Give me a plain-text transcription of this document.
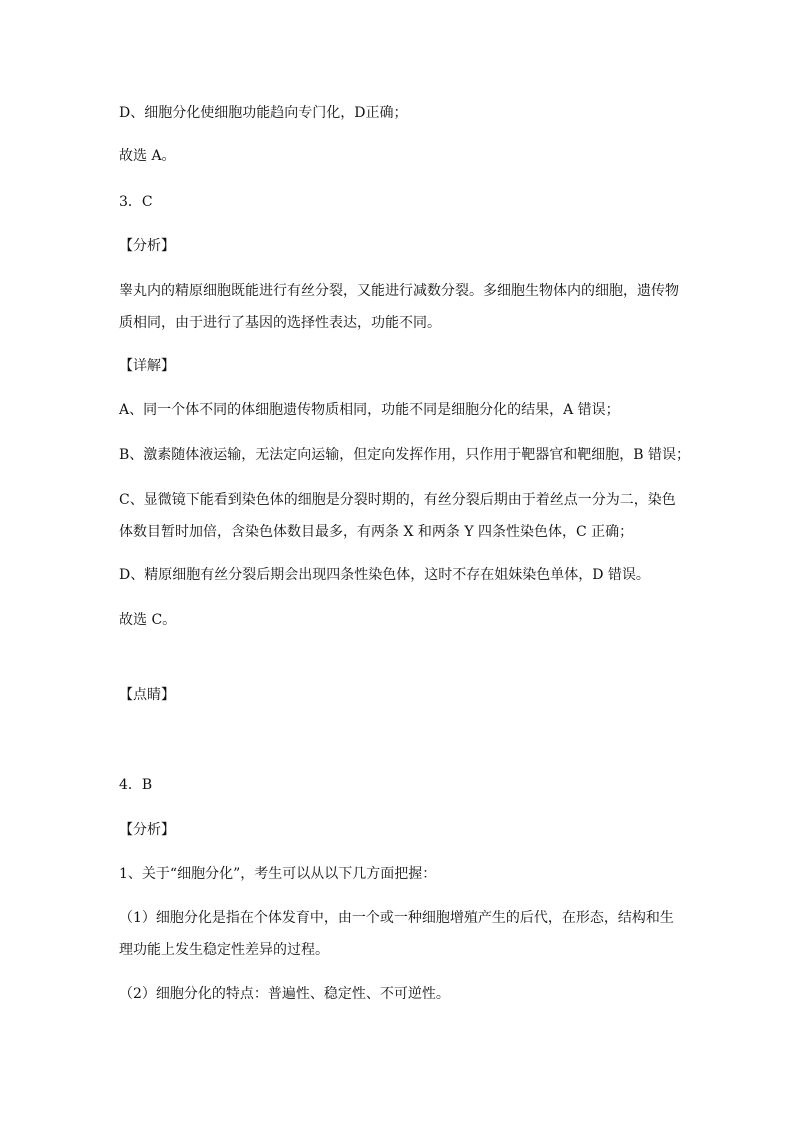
D、细胞分化使细胞功能趋向专门化，D正确；
故选 A。
3．C
【分析】
睾丸内的精原细胞既能进行有丝分裂，又能进行减数分裂。多细胞生物体内的细胞，遗传物
质相同，由于进行了基因的选择性表达，功能不同。
【详解】
A、同一个体不同的体细胞遗传物质相同，功能不同是细胞分化的结果，A 错误；
B、激素随体液运输，无法定向运输，但定向发挥作用，只作用于靶器官和靶细胞，B 错误；
C、显微镜下能看到染色体的细胞是分裂时期的，有丝分裂后期由于着丝点一分为二，染色
体数目暂时加倍，含染色体数目最多，有两条 X 和两条 Y 四条性染色体，C 正确；
D、精原细胞有丝分裂后期会出现四条性染色体，这时不存在姐妹染色单体，D 错误。
故选 C。
【点睛】
4．B
【分析】
1、关于“细胞分化”，考生可以从以下几方面把握：
（1）细胞分化是指在个体发育中，由一个或一种细胞增殖产生的后代，在形态，结构和生
理功能上发生稳定性差异的过程。
（2）细胞分化的特点：普遍性、稳定性、不可逆性。
